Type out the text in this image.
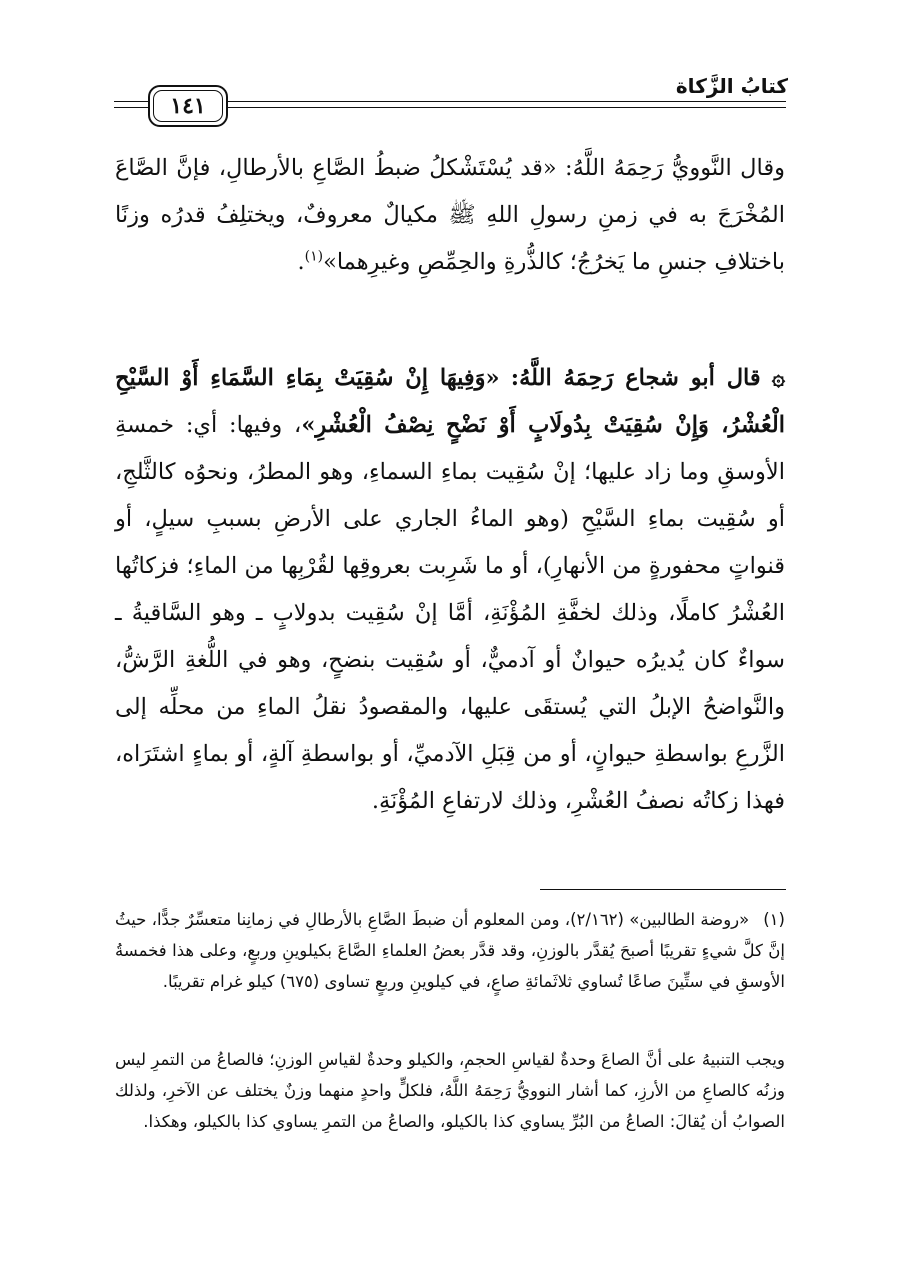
كتابُ الزَّكاة
١٤١
وقال النَّوويُّ رَحِمَهُ اللَّهُ: «قد يُسْتَشْكلُ ضبطُ الصَّاعِ بالأرطالِ، فإنَّ الصَّاعَ المُخْرَجَ به في زمنِ رسولِ اللهِ ﷺ مكيالٌ معروفٌ، ويختلِفُ قدرُه وزنًا باختلافِ جنسِ ما يَخرُجُ؛ كالذُّرةِ والحِمِّصِ وغيرِهما»$^{(١)}$.
۞ قال أبو شجاع رَحِمَهُ اللَّهُ: «وَفِيهَا إِنْ سُقِيَتْ بِمَاءِ السَّمَاءِ أَوْ السَّيْحِ الْعُشْرُ، وَإِنْ سُقِيَتْ بِدُولَابٍ أَوْ نَضْحٍ نِصْفُ الْعُشْرِ»، وفيها: أي: خمسةِ الأوسقِ وما زاد عليها؛ إنْ سُقِيت بماءِ السماءِ، وهو المطرُ، ونحوُه كالثَّلجِ، أو سُقِيت بماءِ السَّيْحِ (وهو الماءُ الجاري على الأرضِ بسببِ سيلٍ، أو قنواتٍ محفورةٍ من الأنهارِ)، أو ما شَرِبت بعروقِها لقُرْبِها من الماءِ؛ فزكاتُها العُشْرُ كاملًا، وذلك لخفَّةِ المُؤْنَةِ، أمَّا إنْ سُقِيت بدولابٍ ـ وهو السَّاقيةُ ـ سواءٌ كان يُديرُه حيوانٌ أو آدميٌّ، أو سُقِيت بنضحٍ، وهو في اللُّغةِ الرَّشُّ، والنَّواضحُ الإبلُ التي يُستقَى عليها، والمقصودُ نقلُ الماءِ من محلِّه إلى الزَّرعِ بواسطةِ حيوانٍ، أو من قِبَلِ الآدميِّ، أو بواسطةِ آلةٍ، أو بماءٍ اشتَرَاه، فهذا زكاتُه نصفُ العُشْرِ، وذلك لارتفاعِ المُؤْنَةِ.
(١)«روضة الطالبين» (٢/١٦٢)، ومن المعلوم أن ضبطَ الصَّاعِ بالأرطالِ في زمانِنا متعسِّرٌ جدًّا، حيثُ إنَّ كلَّ شيءٍ تقريبًا أصبحَ يُقدَّر بالوزنِ، وقد قدَّر بعضُ العلماءِ الصَّاعَ بكيلوينِ وربعٍ، وعلى هذا فخمسةُ الأوسقِ في ستِّينَ صاعًا تُساوي ثلاثَمائةِ صاعٍ، في كيلوينِ وربعٍ تساوى (٦٧٥) كيلو غرام تقريبًا.
ويجب التنبيهُ على أنَّ الصاعَ وحدةٌ لقياسِ الحجمِ، والكيلو وحدةٌ لقياسِ الوزنِ؛ فالصاعُ من التمرِ ليس وزنُه كالصاعِ من الأرزِ، كما أشار النوويُّ رَحِمَهُ اللَّهُ، فلكلٍّ واحدٍ منهما وزنٌ يختلف عن الآخرِ، ولذلك الصوابُ أن يُقالَ: الصاعُ من البُرِّ يساوي كذا بالكيلو، والصاعُ من التمرِ يساوي كذا بالكيلو، وهكذا.
